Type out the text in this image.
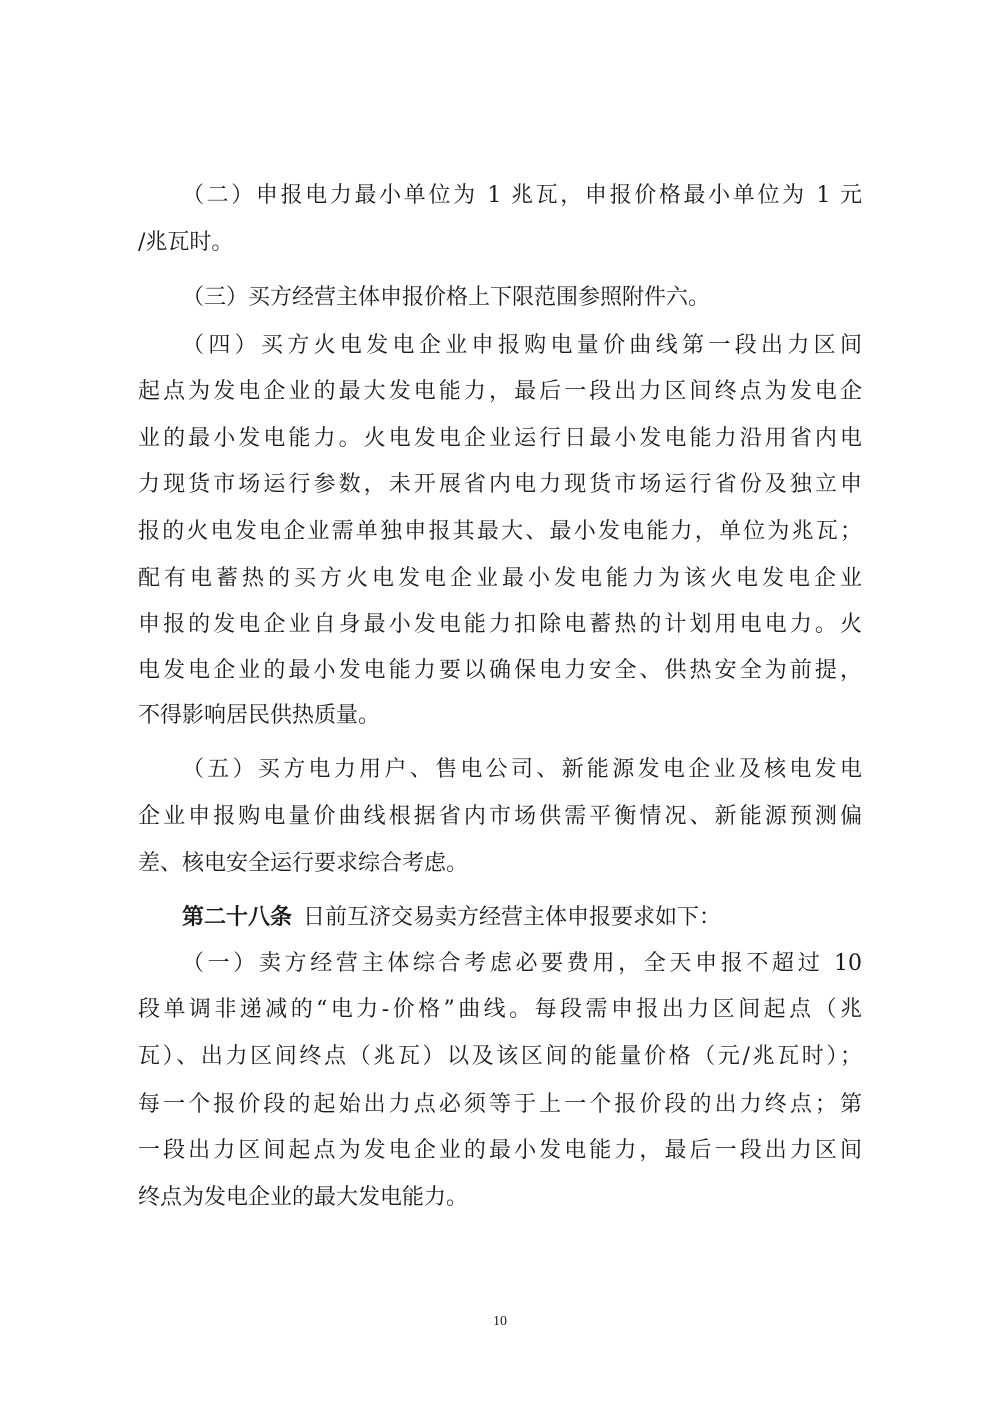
（二）申报电力最小单位为 1 兆瓦，申报价格最小单位为 1 元
/兆瓦时。
（三）买方经营主体申报价格上下限范围参照附件六。
（四）买方火电发电企业申报购电量价曲线第一段出力区间
起点为发电企业的最大发电能力，最后一段出力区间终点为发电企
业的最小发电能力。火电发电企业运行日最小发电能力沿用省内电
力现货市场运行参数，未开展省内电力现货市场运行省份及独立申
报的火电发电企业需单独申报其最大、最小发电能力，单位为兆瓦；
配有电蓄热的买方火电发电企业最小发电能力为该火电发电企业
申报的发电企业自身最小发电能力扣除电蓄热的计划用电电力。火
电发电企业的最小发电能力要以确保电力安全、供热安全为前提，
不得影响居民供热质量。
（五）买方电力用户、售电公司、新能源发电企业及核电发电
企业申报购电量价曲线根据省内市场供需平衡情况、新能源预测偏
差、核电安全运行要求综合考虑。
第二十八条  日前互济交易卖方经营主体申报要求如下：
（一）卖方经营主体综合考虑必要费用，全天申报不超过 10
段单调非递减的“电力-价格”曲线。每段需申报出力区间起点（兆
瓦）、出力区间终点（兆瓦）以及该区间的能量价格（元/兆瓦时）；
每一个报价段的起始出力点必须等于上一个报价段的出力终点；第
一段出力区间起点为发电企业的最小发电能力，最后一段出力区间
终点为发电企业的最大发电能力。
10
